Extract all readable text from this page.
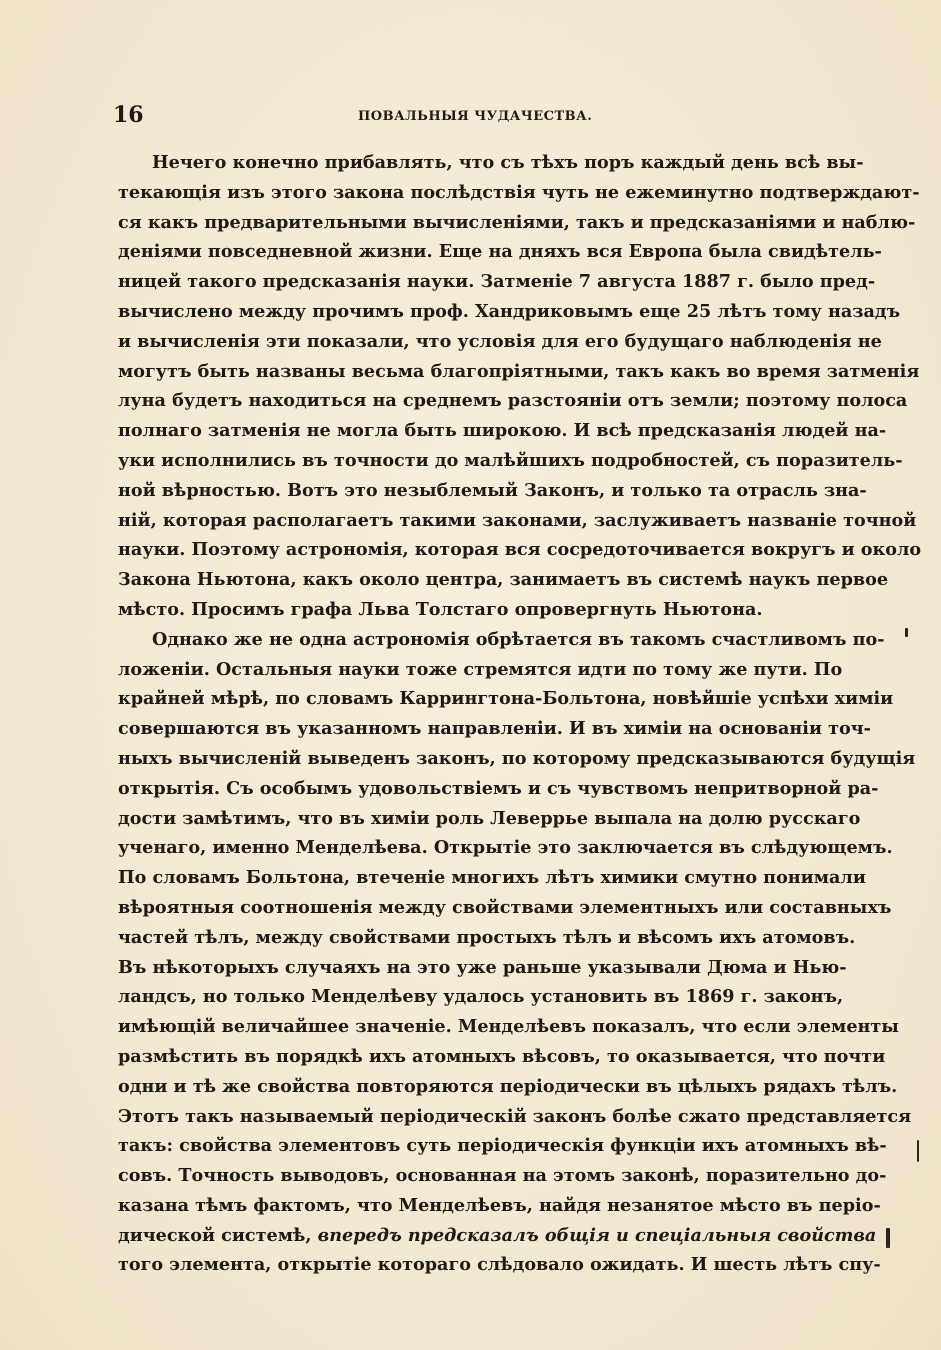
16	ПОВАЛЬНЫЯ ЧУДАЧЕСТВА.
Нечего конечно прибавлять, что съ тѣхъ поръ каждый день всѣ вы-
текающія изъ этого закона послѣдствія чуть не ежеминутно подтверждают-
ся какъ предварительными вычисленіями, такъ и предсказаніями и наблю-
деніями повседневной жизни. Еще на дняхъ вся Европа была свидѣтель-
ницей такого предсказанія науки. Затменіе 7 августа 1887 г. было пред-
вычислено между прочимъ проф. Хандриковымъ еще 25 лѣтъ тому назадъ
и вычисленія эти показали, что условія для его будущаго наблюденія не
могутъ быть названы весьма благопріятными, такъ какъ во время затменія
луна будетъ находиться на среднемъ разстояніи отъ земли; поэтому полоса
полнаго затменія не могла быть широкою. И всѣ предсказанія людей на-
уки исполнились въ точности до малѣйшихъ подробностей, съ поразитель-
ной вѣрностью. Вотъ это незыблемый Законъ, и только та отрасль зна-
ній, которая располагаетъ такими законами, заслуживаетъ названіе точной
науки. Поэтому астрономія, которая вся сосредоточивается вокругъ и около
Закона Ньютона, какъ около центра, занимаетъ въ системѣ наукъ первое
мѣсто. Просимъ графа Льва Толстаго опровергнуть Ньютона.
Однако же не одна астрономія обрѣтается въ такомъ счастливомъ по-
ложеніи. Остальныя науки тоже стремятся идти по тому же пути. По
крайней мѣрѣ, по словамъ Каррингтона-Больтона, новѣйшіе успѣхи химіи
совершаются въ указанномъ направленіи. И въ химіи на основаніи точ-
ныхъ вычисленій выведенъ законъ, по которому предсказываются будущія
открытія. Съ особымъ удовольствіемъ и съ чувствомъ непритворной ра-
дости замѣтимъ, что въ химіи роль Леверрье выпала на долю русскаго
ученаго, именно Менделѣева. Открытіе это заключается въ слѣдующемъ.
По словамъ Больтона, втеченіе многихъ лѣтъ химики смутно понимали
вѣроятныя соотношенія между свойствами элементныхъ или составныхъ
частей тѣлъ, между свойствами простыхъ тѣлъ и вѣсомъ ихъ атомовъ.
Въ нѣкоторыхъ случаяхъ на это уже раньше указывали Дюма и Нью-
ландсъ, но только Менделѣеву удалось установить въ 1869 г. законъ,
имѣющій величайшее значеніе. Менделѣевъ показалъ, что если элементы
размѣстить въ порядкѣ ихъ атомныхъ вѣсовъ, то оказывается, что почти
одни и тѣ же свойства повторяются періодически въ цѣлыхъ рядахъ тѣлъ.
Этотъ такъ называемый періодическій законъ болѣе сжато представляется
такъ: свойства элементовъ суть періодическія функціи ихъ атомныхъ вѣ-
совъ. Точность выводовъ, основанная на этомъ законѣ, поразительно до-
казана тѣмъ фактомъ, что Менделѣевъ, найдя незанятое мѣсто въ періо-
дической системѣ, впередъ предсказалъ общія и спеціальныя свойства
того элемента, открытіе котораго слѣдовало ожидать. И шесть лѣтъ спу-
